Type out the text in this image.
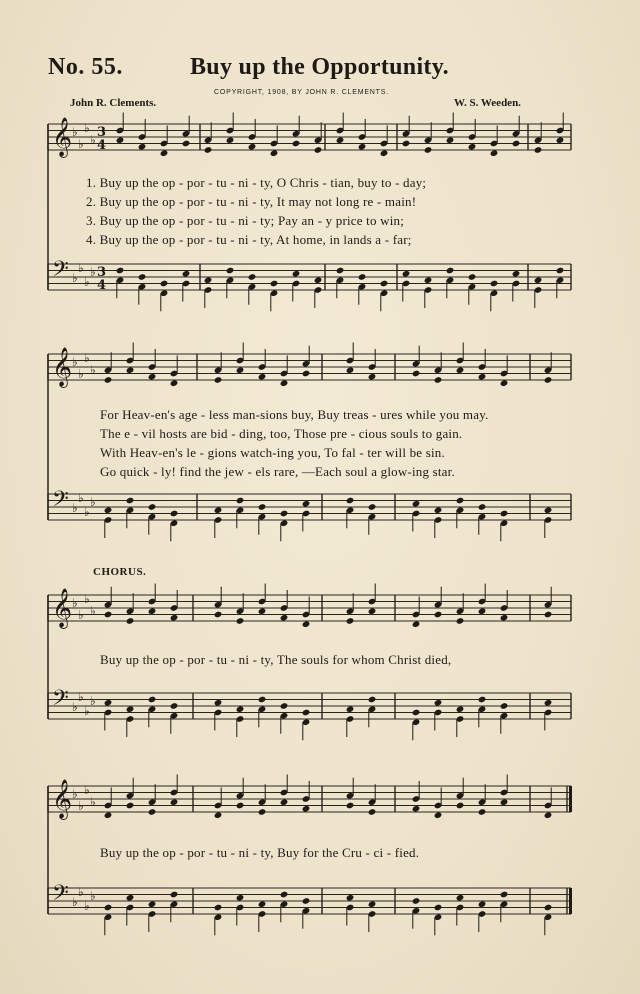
No. 55.	Buy up the Opportunity.
COPYRIGHT, 1908, BY JOHN R. CLEMENTS.
John R. Clements.	W. S. Weeden.
𝄞 ♭
♭
♭
♭
𝄢 ♭
♭
♭
♭
𝄞 ♭
♭
♭
♭
𝄢 ♭
♭
♭
♭
𝄞 ♭
♭
♭
♭
𝄢 ♭
♭
♭
♭
𝄞 ♭
♭
♭
♭
𝄢 ♭
♭
♭
♭
3
4
3
4
1. Buy up the op - por - tu - ni - ty, O Chris - tian, buy to - day;
2. Buy up the op - por - tu - ni - ty, It may not long re - main!
3. Buy up the op - por - tu - ni - ty; Pay an - y price to win;
4. Buy up the op - por - tu - ni - ty, At home, in lands a - far;
For Heav-en's age - less man-sions buy, Buy treas - ures while you may.
The e - vil hosts are bid - ding, too, Those pre - cious souls to gain.
With Heav-en's le - gions watch-ing you, To fal - ter will be sin.
Go quick - ly! find the jew - els rare, —Each soul a glow-ing star.
CHORUS.
Buy up the op - por - tu - ni - ty, The souls for whom Christ died,
Buy up the op - por - tu - ni - ty, Buy for the Cru - ci - fied.
